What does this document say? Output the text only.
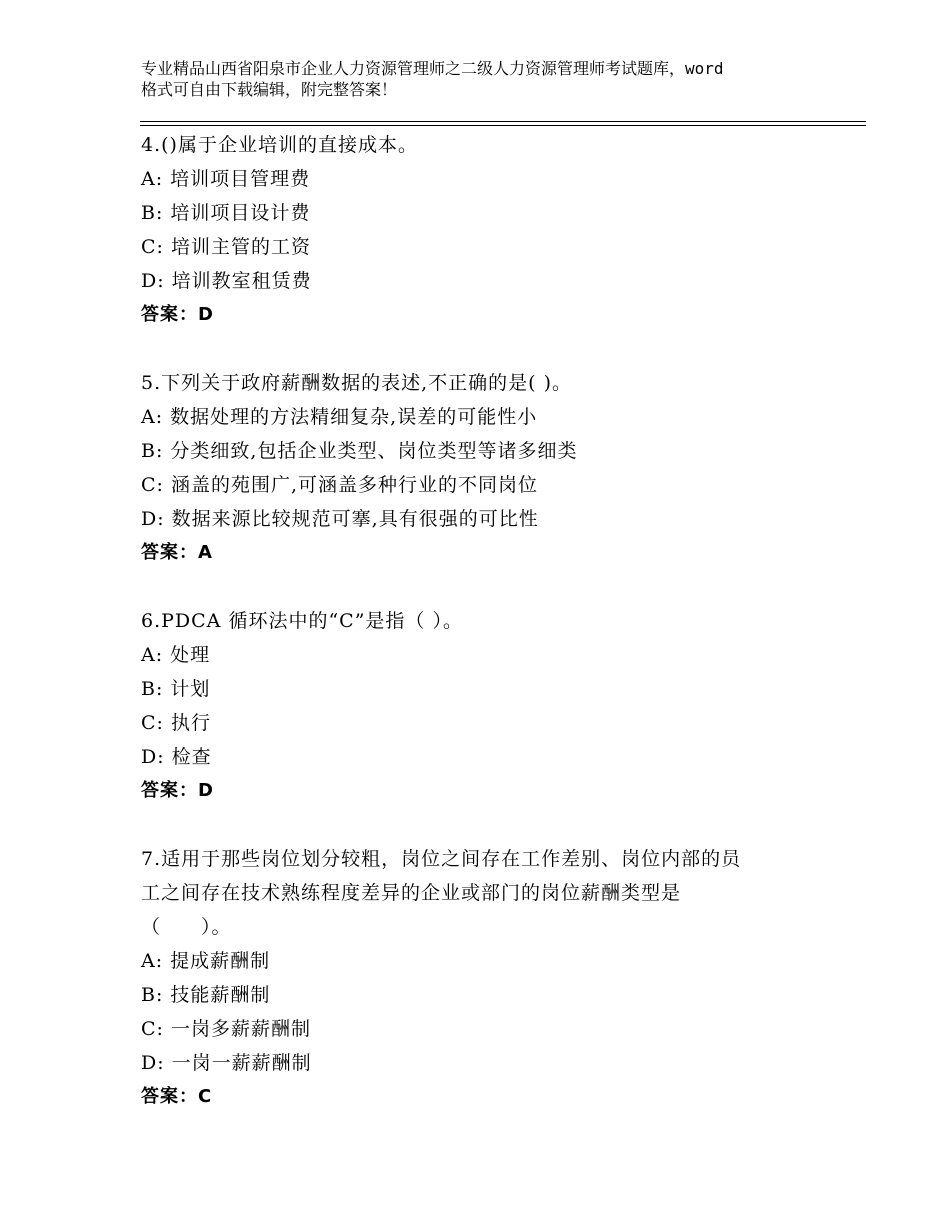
专业精品山西省阳泉市企业人力资源管理师之二级人力资源管理师考试题库，word
格式可自由下载编辑，附完整答案！
4.()属于企业培训的直接成本。
A: 培训项目管理费
B: 培训项目设计费
C: 培训主管的工资
D: 培训教室租赁费
答案：D
5.下列关于政府薪酬数据的表述,不正确的是( )。
A: 数据处理的方法精细复杂,误差的可能性小
B: 分类细致,包括企业类型、岗位类型等诸多细类
C: 涵盖的苑围广,可涵盖多种行业的不同岗位
D: 数据来源比较规范可搴,具有很强的可比性
答案：A
6.PDCA 循环法中的“C”是指（ ）。
A: 处理
B: 计划
C: 执行
D: 检查
答案：D
7.适用于那些岗位划分较粗，岗位之间存在工作差别、岗位内部的员
工之间存在技术熟练程度差异的企业或部门的岗位薪酬类型是
（　　）。
A: 提成薪酬制
B: 技能薪酬制
C: 一岗多薪薪酬制
D: 一岗一薪薪酬制
答案：C
